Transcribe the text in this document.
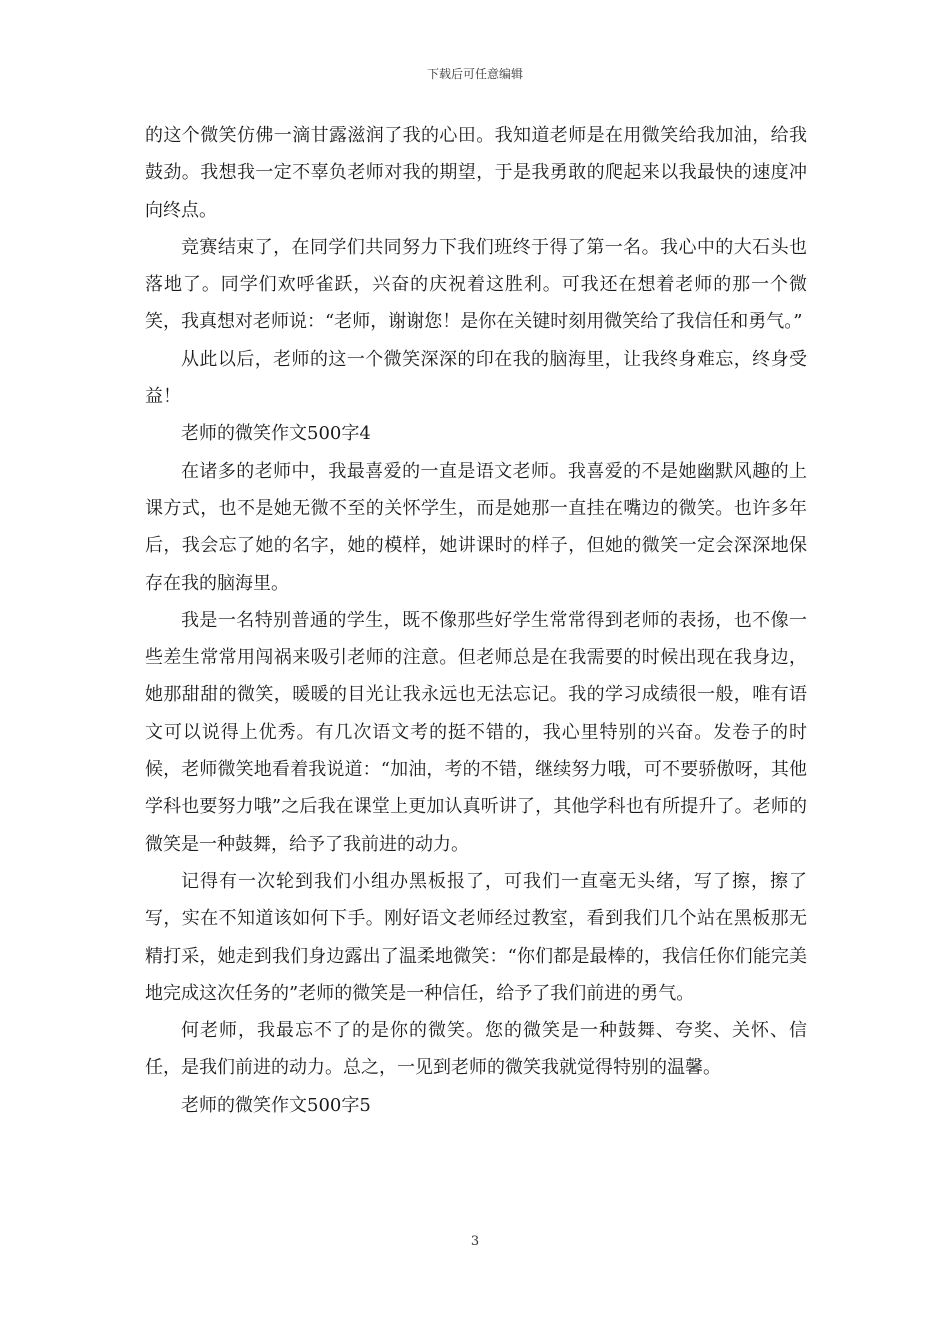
下载后可任意编辑

的这个微笑仿佛一滴甘露滋润了我的心田。我知道老师是在用微笑给我加油，给我鼓劲。我想我一定不辜负老师对我的期望，于是我勇敢的爬起来以我最快的速度冲向终点。

竞赛结束了，在同学们共同努力下我们班终于得了第一名。我心中的大石头也落地了。同学们欢呼雀跃，兴奋的庆祝着这胜利。可我还在想着老师的那一个微笑，我真想对老师说：“老师，谢谢您！是你在关键时刻用微笑给了我信任和勇气。”

从此以后，老师的这一个微笑深深的印在我的脑海里，让我终身难忘，终身受益！

老师的微笑作文500字4

在诸多的老师中，我最喜爱的一直是语文老师。我喜爱的不是她幽默风趣的上课方式，也不是她无微不至的关怀学生，而是她那一直挂在嘴边的微笑。也许多年后，我会忘了她的名字，她的模样，她讲课时的样子，但她的微笑一定会深深地保存在我的脑海里。

我是一名特别普通的学生，既不像那些好学生常常得到老师的表扬，也不像一些差生常常用闯祸来吸引老师的注意。但老师总是在我需要的时候出现在我身边，她那甜甜的微笑，暖暖的目光让我永远也无法忘记。我的学习成绩很一般，唯有语文可以说得上优秀。有几次语文考的挺不错的，我心里特别的兴奋。发卷子的时候，老师微笑地看着我说道：“加油，考的不错，继续努力哦，可不要骄傲呀，其他学科也要努力哦”之后我在课堂上更加认真听讲了，其他学科也有所提升了。老师的微笑是一种鼓舞，给予了我前进的动力。

记得有一次轮到我们小组办黑板报了，可我们一直毫无头绪，写了擦，擦了写，实在不知道该如何下手。刚好语文老师经过教室，看到我们几个站在黑板那无精打采，她走到我们身边露出了温柔地微笑：“你们都是最棒的，我信任你们能完美地完成这次任务的”老师的微笑是一种信任，给予了我们前进的勇气。

何老师，我最忘不了的是你的微笑。您的微笑是一种鼓舞、夸奖、关怀、信任，是我们前进的动力。总之，一见到老师的微笑我就觉得特别的温馨。

老师的微笑作文500字5

3
